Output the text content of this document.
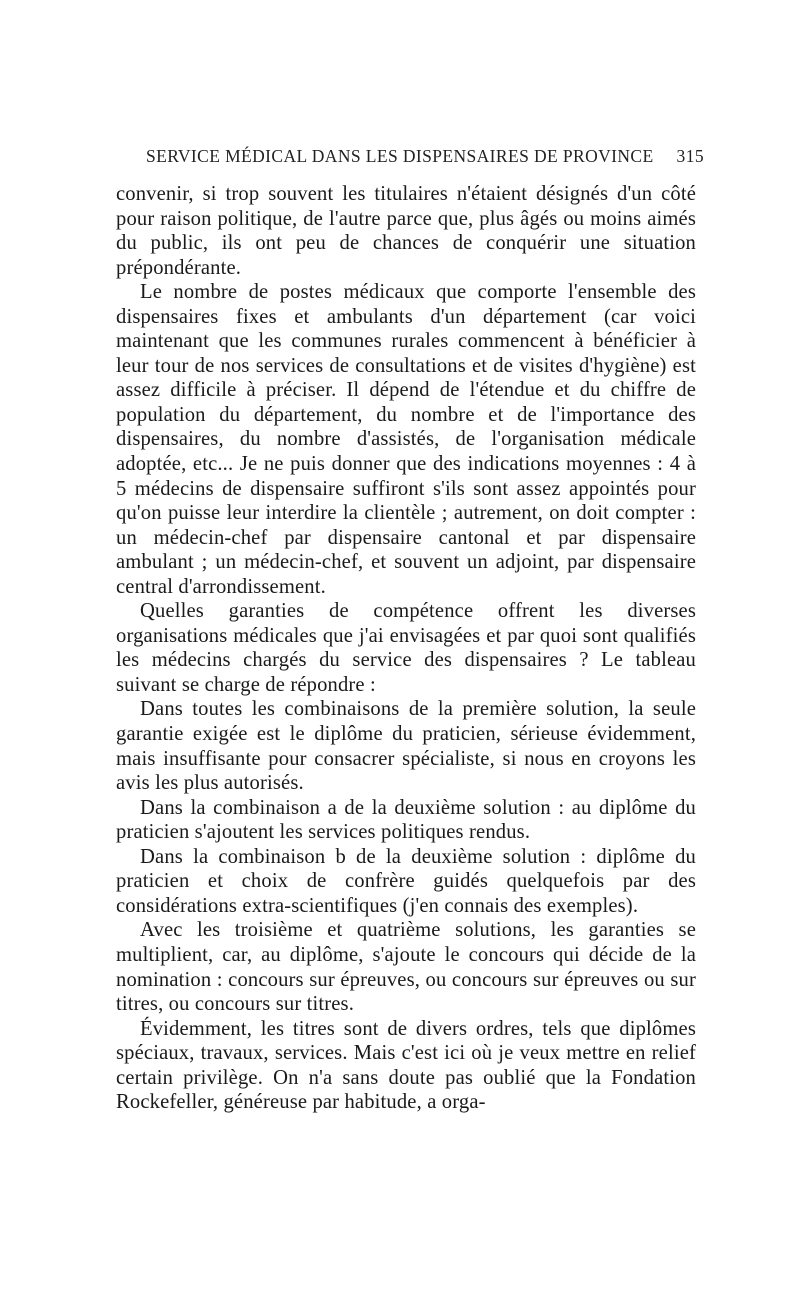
SERVICE MÉDICAL DANS LES DISPENSAIRES DE PROVINCE 315

convenir, si trop souvent les titulaires n'étaient désignés d'un côté pour raison politique, de l'autre parce que, plus âgés ou moins aimés du public, ils ont peu de chances de conquérir une situation prépondérante.

Le nombre de postes médicaux que comporte l'ensemble des dispensaires fixes et ambulants d'un département (car voici maintenant que les communes rurales commencent à bénéficier à leur tour de nos services de consultations et de visites d'hygiène) est assez difficile à préciser. Il dépend de l'étendue et du chiffre de population du département, du nombre et de l'importance des dispensaires, du nombre d'assistés, de l'organisation médicale adoptée, etc... Je ne puis donner que des indications moyennes : 4 à 5 médecins de dispensaire suffiront s'ils sont assez appointés pour qu'on puisse leur interdire la clientèle ; autrement, on doit compter : un médecin-chef par dispensaire cantonal et par dispensaire ambulant ; un médecin-chef, et souvent un adjoint, par dispensaire central d'arrondissement.

Quelles garanties de compétence offrent les diverses organisations médicales que j'ai envisagées et par quoi sont qualifiés les médecins chargés du service des dispensaires ? Le tableau suivant se charge de répondre :

Dans toutes les combinaisons de la première solution, la seule garantie exigée est le diplôme du praticien, sérieuse évidemment, mais insuffisante pour consacrer spécialiste, si nous en croyons les avis les plus autorisés.

Dans la combinaison a de la deuxième solution : au diplôme du praticien s'ajoutent les services politiques rendus.

Dans la combinaison b de la deuxième solution : diplôme du praticien et choix de confrère guidés quelquefois par des considérations extra-scientifiques (j'en connais des exemples).

Avec les troisième et quatrième solutions, les garanties se multiplient, car, au diplôme, s'ajoute le concours qui décide de la nomination : concours sur épreuves, ou concours sur épreuves ou sur titres, ou concours sur titres.

Évidemment, les titres sont de divers ordres, tels que diplômes spéciaux, travaux, services. Mais c'est ici où je veux mettre en relief certain privilège. On n'a sans doute pas oublié que la Fondation Rockefeller, généreuse par habitude, a orga-
